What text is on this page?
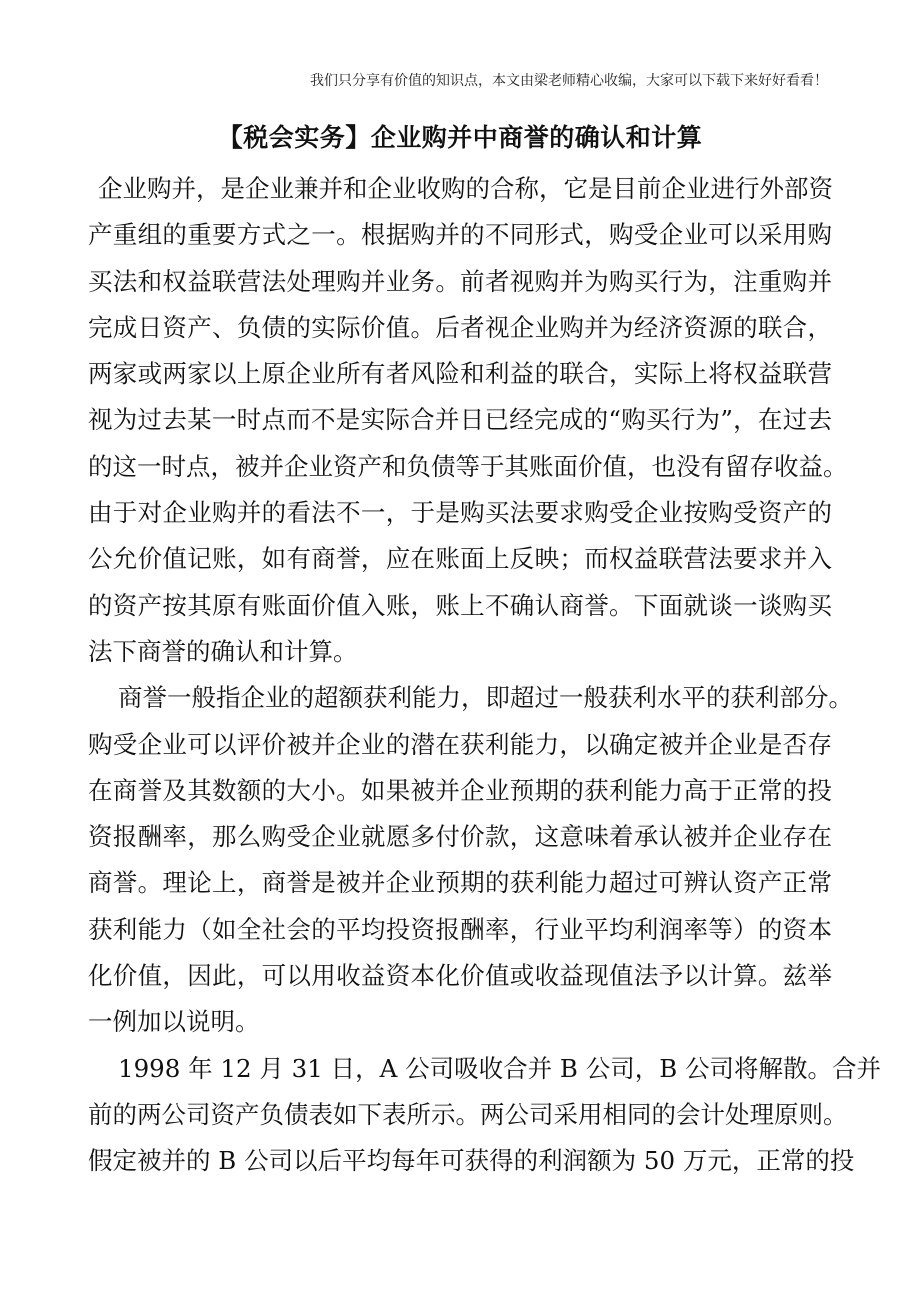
我们只分享有价值的知识点，本文由梁老师精心收编，大家可以下载下来好好看看！
【税会实务】企业购并中商誉的确认和计算
企业购并，是企业兼并和企业收购的合称，它是目前企业进行外部资
产重组的重要方式之一。根据购并的不同形式，购受企业可以采用购
买法和权益联营法处理购并业务。前者视购并为购买行为，注重购并
完成日资产、负债的实际价值。后者视企业购并为经济资源的联合，
两家或两家以上原企业所有者风险和利益的联合，实际上将权益联营
视为过去某一时点而不是实际合并日已经完成的“购买行为”，在过去
的这一时点，被并企业资产和负债等于其账面价值，也没有留存收益。
由于对企业购并的看法不一，于是购买法要求购受企业按购受资产的
公允价值记账，如有商誉，应在账面上反映；而权益联营法要求并入
的资产按其原有账面价值入账，账上不确认商誉。下面就谈一谈购买
法下商誉的确认和计算。
商誉一般指企业的超额获利能力，即超过一般获利水平的获利部分。
购受企业可以评价被并企业的潜在获利能力，以确定被并企业是否存
在商誉及其数额的大小。如果被并企业预期的获利能力高于正常的投
资报酬率，那么购受企业就愿多付价款，这意味着承认被并企业存在
商誉。理论上，商誉是被并企业预期的获利能力超过可辨认资产正常
获利能力（如全社会的平均投资报酬率，行业平均利润率等）的资本
化价值，因此，可以用收益资本化价值或收益现值法予以计算。兹举
一例加以说明。
1998 年 12 月 31 日，A 公司吸收合并 B 公司，B 公司将解散。合并
前的两公司资产负债表如下表所示。两公司采用相同的会计处理原则。
假定被并的 B 公司以后平均每年可获得的利润额为 50 万元，正常的投
